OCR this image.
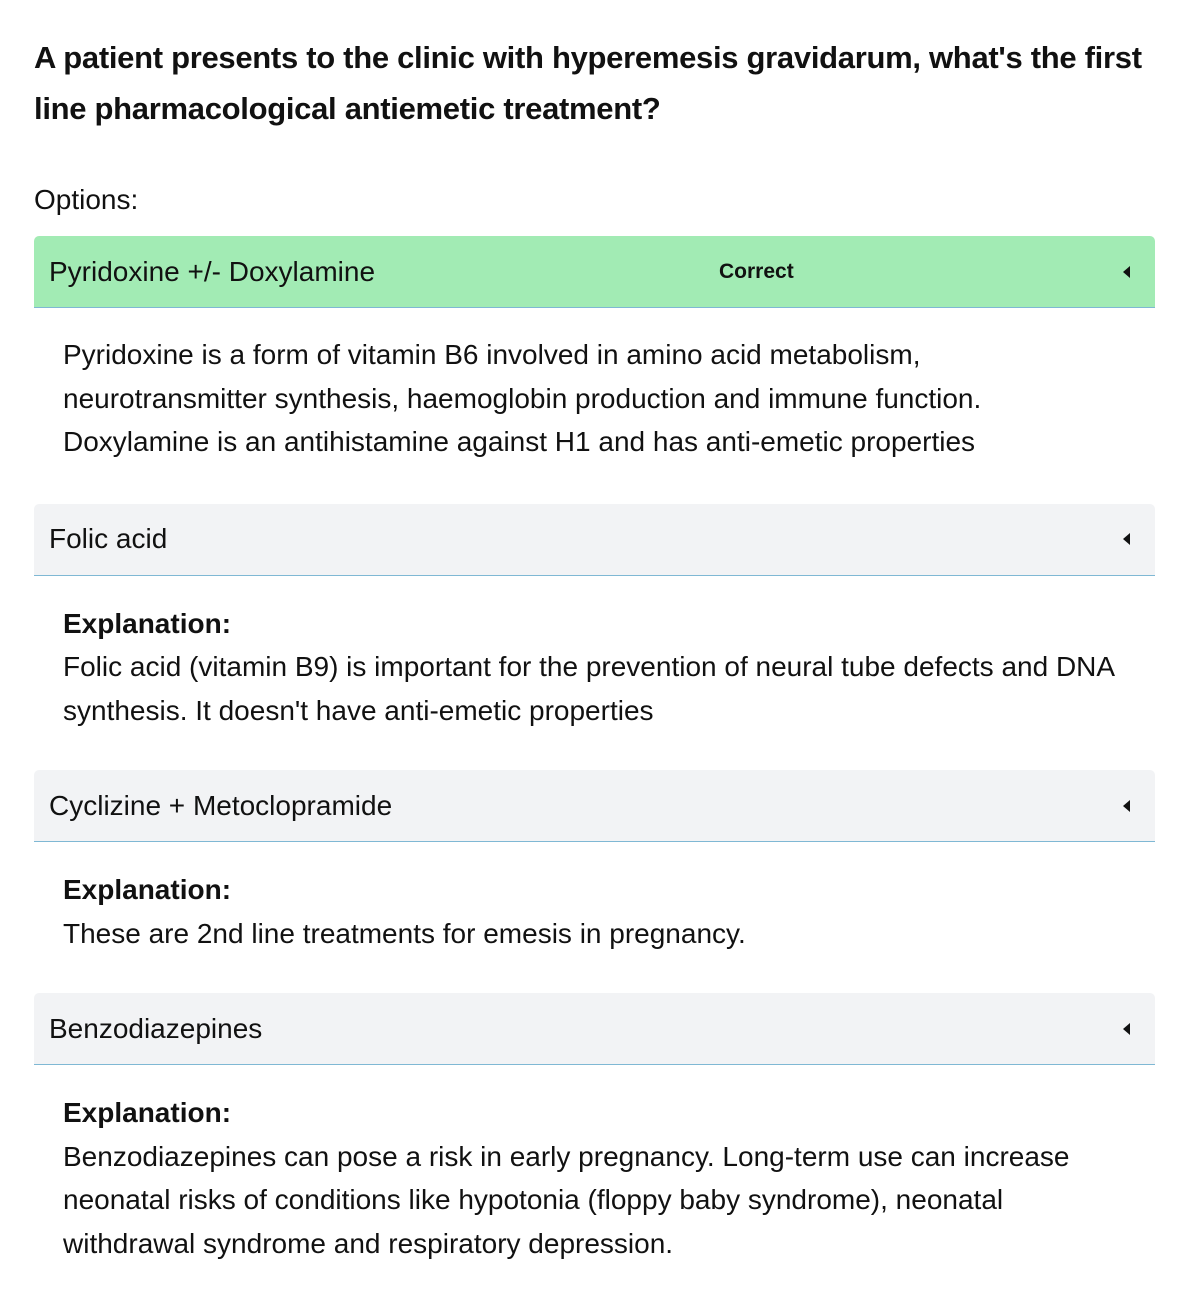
A patient presents to the clinic with hyperemesis gravidarum, what's the first line pharmacological antiemetic treatment?

Options:
Pyridoxine +/- Doxylamine	Correct
Pyridoxine is a form of vitamin B6 involved in amino acid metabolism, neurotransmitter synthesis, haemoglobin production and immune function. Doxylamine is an antihistamine against H1 and has anti-emetic properties
Folic acid
Explanation:
Folic acid (vitamin B9) is important for the prevention of neural tube defects and DNA synthesis. It doesn't have anti-emetic properties
Cyclizine + Metoclopramide
Explanation:
These are 2nd line treatments for emesis in pregnancy.
Benzodiazepines
Explanation:
Benzodiazepines can pose a risk in early pregnancy. Long-term use can increase neonatal risks of conditions like hypotonia (floppy baby syndrome), neonatal withdrawal syndrome and respiratory depression.
